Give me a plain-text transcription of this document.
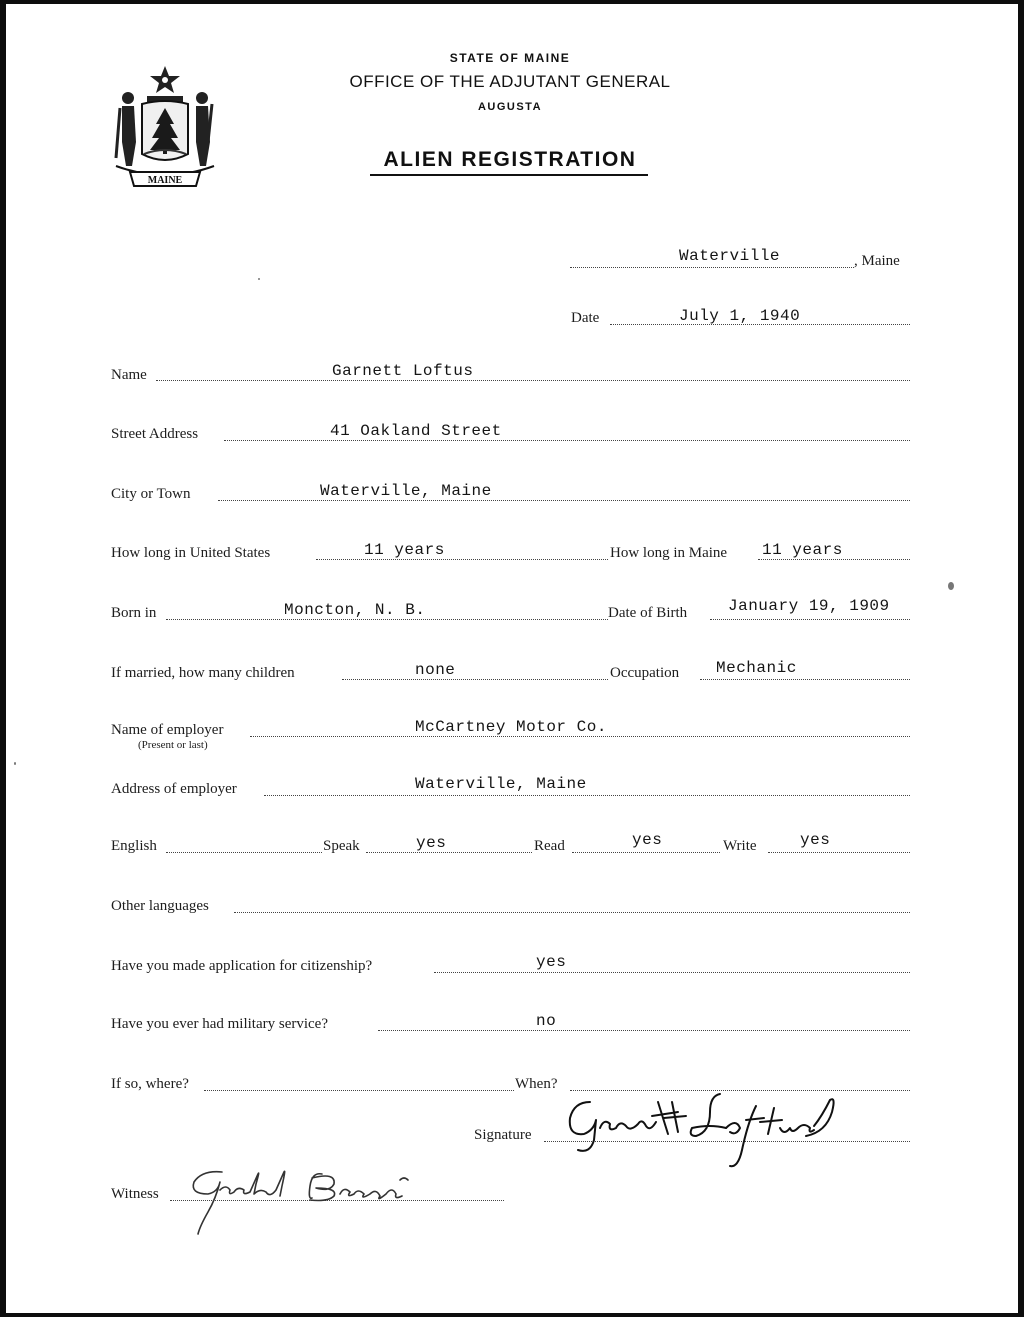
MAINE
STATE OF MAINE
OFFICE OF THE ADJUTANT GENERAL
AUGUSTA
ALIEN REGISTRATION
Waterville	, Maine
Date	July 1, 1940
Name	Garnett Loftus
Street Address	41 Oakland Street
City or Town	Waterville, Maine
How long in United States	11 years	How long in Maine 11 years
Born in	Moncton, N. B.	Date of Birth	January 19, 1909
If married, how many children	none	Occupation Mechanic
Name of employer
(Present or last)
McCartney Motor Co.
Address of employer	Waterville, Maine
English	Speak	yes	Read	yes	Write	yes
Other languages
Have you made application for citizenship?	yes
Have you ever had military service?	no
If so, where?	When?
Signature
Witness
